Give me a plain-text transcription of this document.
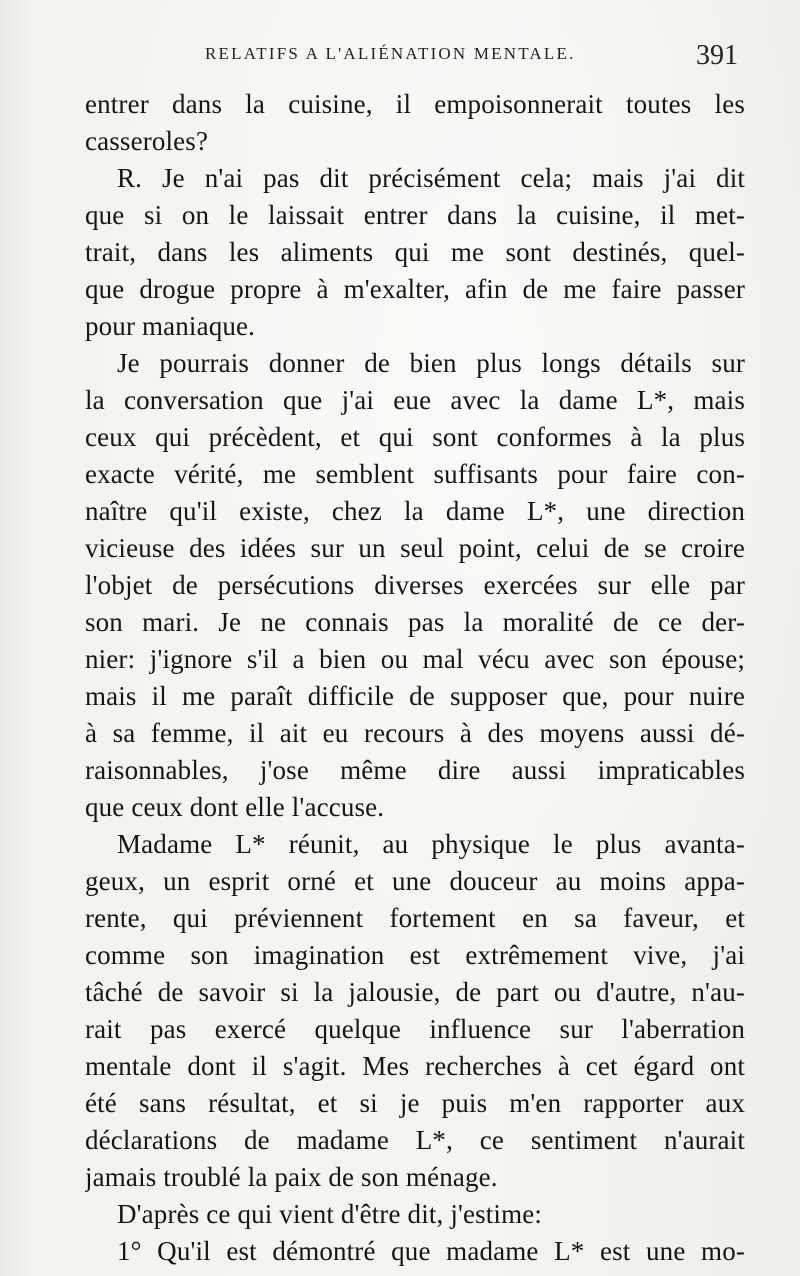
RELATIFS A L'ALIÉNATION MENTALE.	391
entrer dans la cuisine, il empoisonnerait toutes les
casseroles?
R. Je n'ai pas dit précisément cela; mais j'ai dit
que si on le laissait entrer dans la cuisine, il met-
trait, dans les aliments qui me sont destinés, quel-
que drogue propre à m'exalter, afin de me faire passer
pour maniaque.
Je pourrais donner de bien plus longs détails sur
la conversation que j'ai eue avec la dame L*, mais
ceux qui précèdent, et qui sont conformes à la plus
exacte vérité, me semblent suffisants pour faire con-
naître qu'il existe, chez la dame L*, une direction
vicieuse des idées sur un seul point, celui de se croire
l'objet de persécutions diverses exercées sur elle par
son mari. Je ne connais pas la moralité de ce der-
nier: j'ignore s'il a bien ou mal vécu avec son épouse;
mais il me paraît difficile de supposer que, pour nuire
à sa femme, il ait eu recours à des moyens aussi dé-
raisonnables, j'ose même dire aussi impraticables
que ceux dont elle l'accuse.
Madame L* réunit, au physique le plus avanta-
geux, un esprit orné et une douceur au moins appa-
rente, qui préviennent fortement en sa faveur, et
comme son imagination est extrêmement vive, j'ai
tâché de savoir si la jalousie, de part ou d'autre, n'au-
rait pas exercé quelque influence sur l'aberration
mentale dont il s'agit. Mes recherches à cet égard ont
été sans résultat, et si je puis m'en rapporter aux
déclarations de madame L*, ce sentiment n'aurait
jamais troublé la paix de son ménage.
D'après ce qui vient d'être dit, j'estime:
1° Qu'il est démontré que madame L* est une mo-
